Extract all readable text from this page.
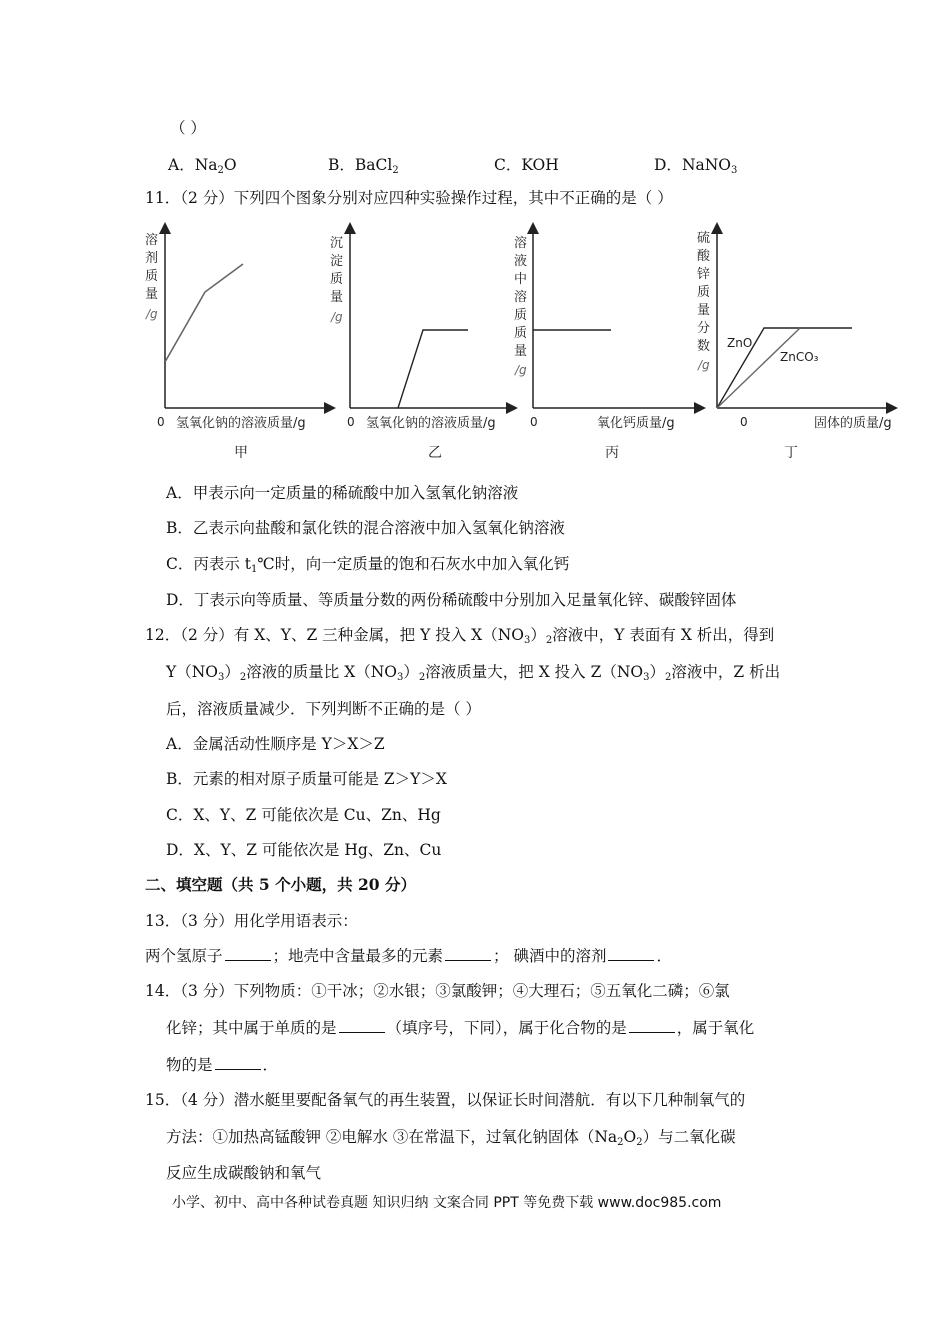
（ ）
A．$Na_2O$	B．BaCl$_2$	C．KOH	D．NaNO$_3$
11．（2 分）下列四个图象分别对应四种实验操作过程，其中不正确的是（ ）
溶
剂
质
量
/g
0 氢氧化钠的溶液质量/g
甲
沉
淀
质
量
/g
0 氢氧化钠的溶液质量/g
乙
溶
液
中
溶
质
质
量
/g
0	氧化钙质量/g
丙
硫
酸
锌
质
量
分
数
/g
ZnO
ZnCO₃
0	固体的质量/g
丁
A．甲表示向一定质量的稀硫酸中加入氢氧化钠溶液
B．乙表示向盐酸和氯化铁的混合溶液中加入氢氧化钠溶液
C．丙表示 $t_1℃$时，向一定质量的饱和石灰水中加入氧化钙
D．丁表示向等质量、等质量分数的两份稀硫酸中分别加入足量氧化锌、碳酸锌固体
12．（2 分）有 X、Y、Z 三种金属，把 Y 投入 $X(NO_3)_2$溶液中，Y 表面有 X 析出，得到
$Y(NO_3)_2$溶液的质量比 $X(NO_3)_2$溶液质量大，把 X 投入 $Z(NO_3)_2$溶液中，Z 析出
后，溶液质量减少．下列判断不正确的是（ ）
A．金属活动性顺序是 Y＞X＞Z
B．元素的相对原子质量可能是 Z＞Y＞X
C．X、Y、Z 可能依次是 Cu、Zn、Hg
D．X、Y、Z 可能依次是 Hg、Zn、Cu
二、填空题（共 5 个小题，共 20 分）
13．（3 分）用化学用语表示：
两个氢原子	；地壳中含量最多的元素	； 碘酒中的溶剂	．
14．（3 分）下列物质：①干冰；②水银；③氯酸钾；④大理石；⑤五氧化二磷；⑥氯
化锌；其中属于单质的是	（填序号，下同），属于化合物的是	，属于氧化
物的是	．
15．（4 分）潜水艇里要配备氧气的再生装置，以保证长时间潜航．有以下几种制氧气的
方法：①加热高锰酸钾 ②电解水 ③在常温下，过氧化钠固体$(Na_2O_2)$与二氧化碳
反应生成碳酸钠和氧气
小学、初中、高中各种试卷真题 知识归纳 文案合同 PPT 等免费下载 www.doc985.com
